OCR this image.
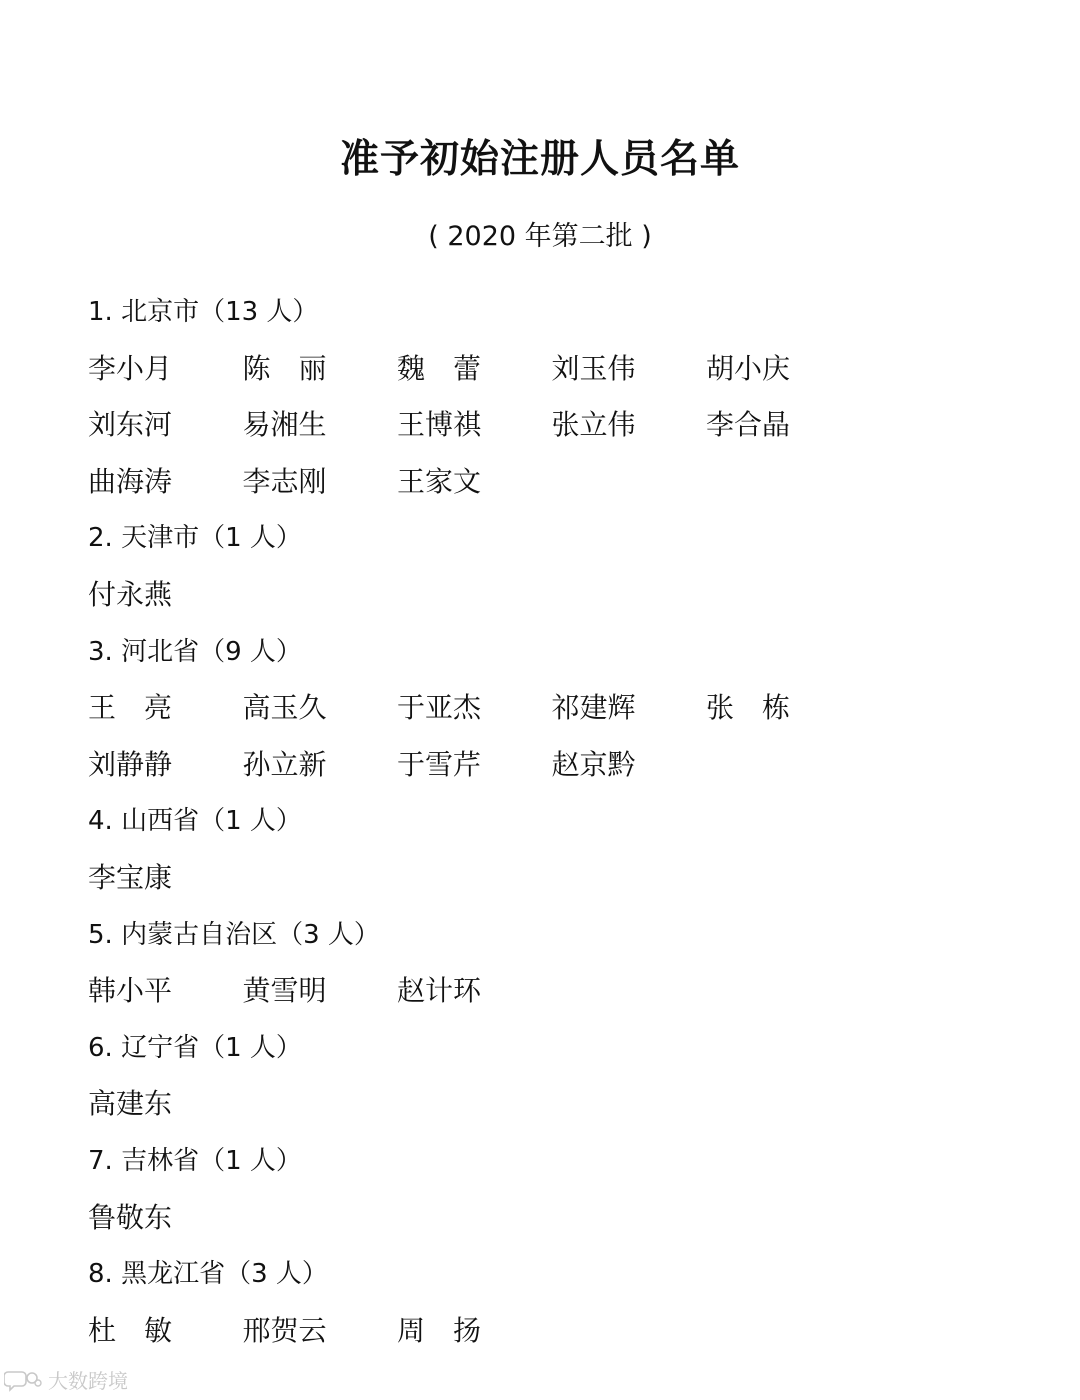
准予初始注册人员名单
( 2020 年第二批 )
1. 北京市（13 人）
李小月	陈　丽	魏　蕾	刘玉伟	胡小庆
刘东河	易湘生	王博祺	张立伟	李合晶
曲海涛	李志刚	王家文
2. 天津市（1 人）
付永燕
3. 河北省（9 人）
王　亮	高玉久	于亚杰	祁建辉	张　栋
刘静静	孙立新	于雪芹	赵京黔
4. 山西省（1 人）
李宝康
5. 内蒙古自治区（3 人）
韩小平	黄雪明	赵计环
6. 辽宁省（1 人）
高建东
7. 吉林省（1 人）
鲁敬东
8. 黑龙江省（3 人）
杜　敏	邢贺云	周　扬
大数跨境
